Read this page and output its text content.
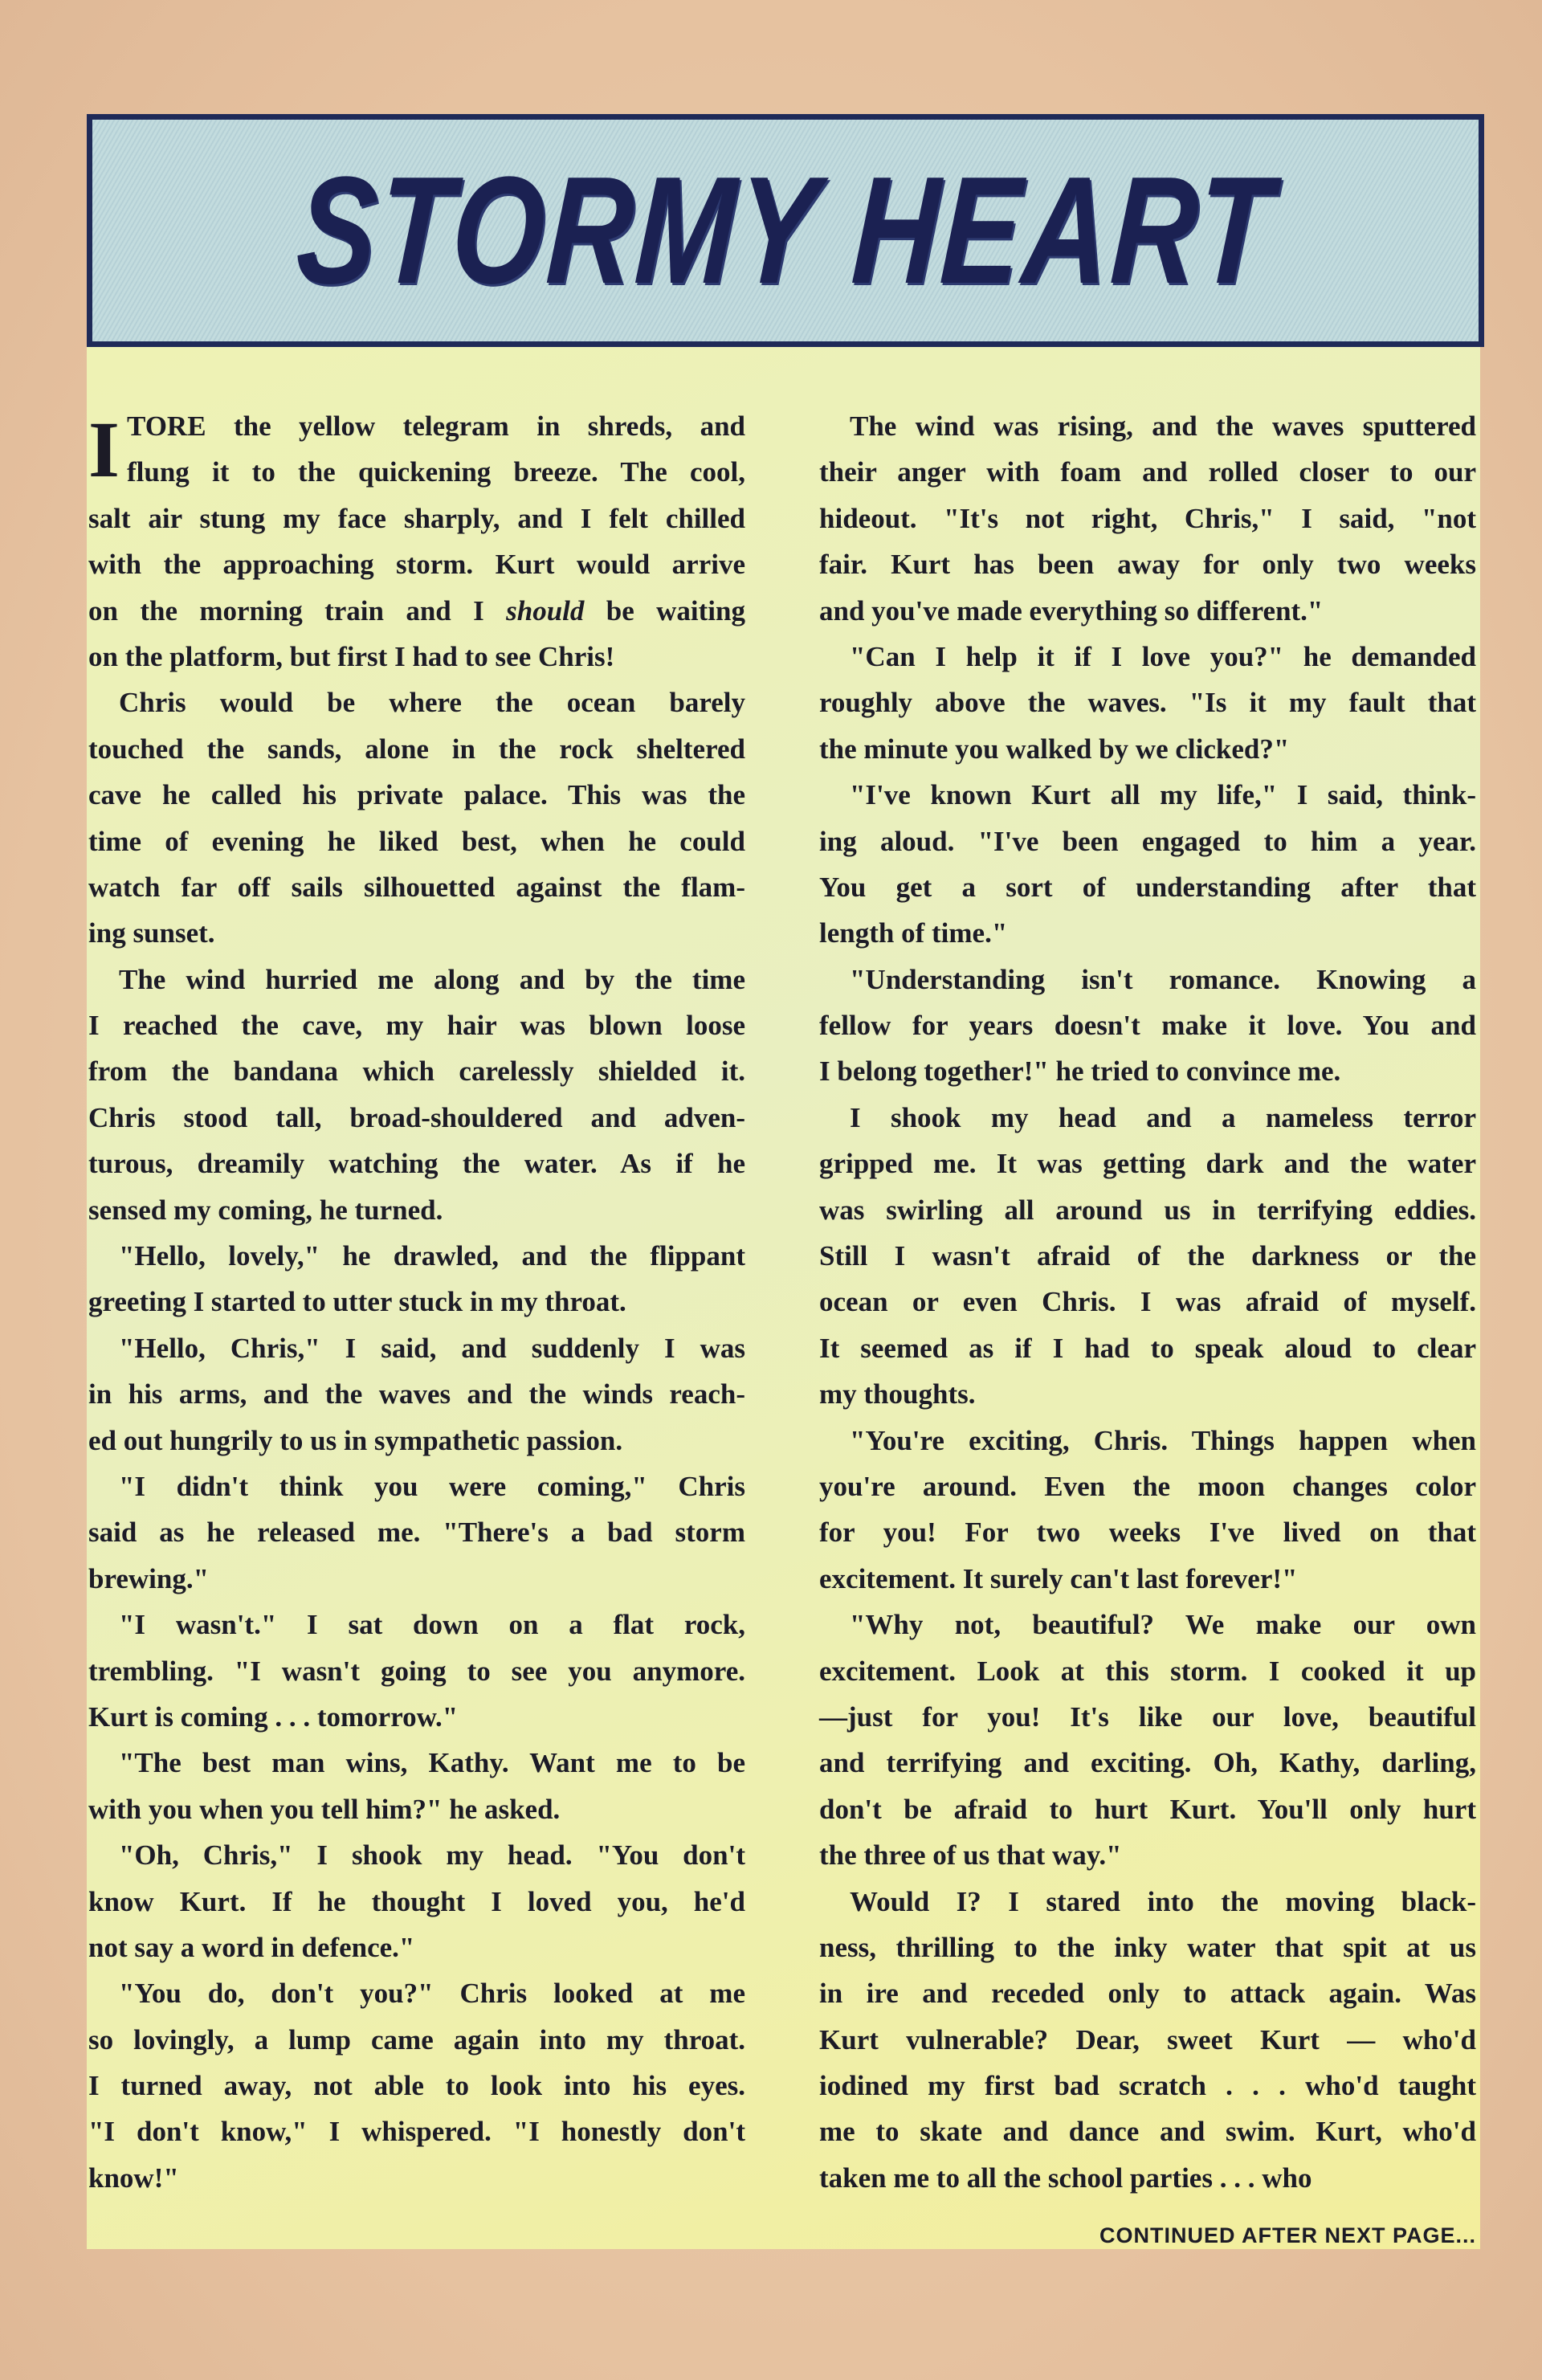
STORMY HEART
I TORE the yellow telegram in shreds, and
flung it to the quickening breeze. The cool,
salt air stung my face sharply, and I felt chilled
with the approaching storm. Kurt would arrive
on the morning train and I should be waiting
on the platform, but first I had to see Chris!
Chris would be where the ocean barely
touched the sands, alone in the rock sheltered
cave he called his private palace. This was the
time of evening he liked best, when he could
watch far off sails silhouetted against the flam-
ing sunset.
The wind hurried me along and by the time
I reached the cave, my hair was blown loose
from the bandana which carelessly shielded it.
Chris stood tall, broad-shouldered and adven-
turous, dreamily watching the water. As if he
sensed my coming, he turned.
"Hello, lovely," he drawled, and the flippant
greeting I started to utter stuck in my throat.
"Hello, Chris," I said, and suddenly I was
in his arms, and the waves and the winds reach-
ed out hungrily to us in sympathetic passion.
"I didn't think you were coming," Chris
said as he released me. "There's a bad storm
brewing."
"I wasn't." I sat down on a flat rock,
trembling. "I wasn't going to see you anymore.
Kurt is coming . . . tomorrow."
"The best man wins, Kathy. Want me to be
with you when you tell him?" he asked.
"Oh, Chris," I shook my head. "You don't
know Kurt. If he thought I loved you, he'd
not say a word in defence."
"You do, don't you?" Chris looked at me
so lovingly, a lump came again into my throat.
I turned away, not able to look into his eyes.
"I don't know," I whispered. "I honestly don't
know!"
The wind was rising, and the waves sputtered
their anger with foam and rolled closer to our
hideout. "It's not right, Chris," I said, "not
fair. Kurt has been away for only two weeks
and you've made everything so different."
"Can I help it if I love you?" he demanded
roughly above the waves. "Is it my fault that
the minute you walked by we clicked?"
"I've known Kurt all my life," I said, think-
ing aloud. "I've been engaged to him a year.
You get a sort of understanding after that
length of time."
"Understanding isn't romance. Knowing a
fellow for years doesn't make it love. You and
I belong together!" he tried to convince me.
I shook my head and a nameless terror
gripped me. It was getting dark and the water
was swirling all around us in terrifying eddies.
Still I wasn't afraid of the darkness or the
ocean or even Chris. I was afraid of myself.
It seemed as if I had to speak aloud to clear
my thoughts.
"You're exciting, Chris. Things happen when
you're around. Even the moon changes color
for you! For two weeks I've lived on that
excitement. It surely can't last forever!"
"Why not, beautiful? We make our own
excitement. Look at this storm. I cooked it up
—just for you! It's like our love, beautiful
and terrifying and exciting. Oh, Kathy, darling,
don't be afraid to hurt Kurt. You'll only hurt
the three of us that way."
Would I? I stared into the moving black-
ness, thrilling to the inky water that spit at us
in ire and receded only to attack again. Was
Kurt vulnerable? Dear, sweet Kurt — who'd
iodined my first bad scratch . . . who'd taught
me to skate and dance and swim. Kurt, who'd
taken me to all the school parties . . . who
CONTINUED AFTER NEXT PAGE...
